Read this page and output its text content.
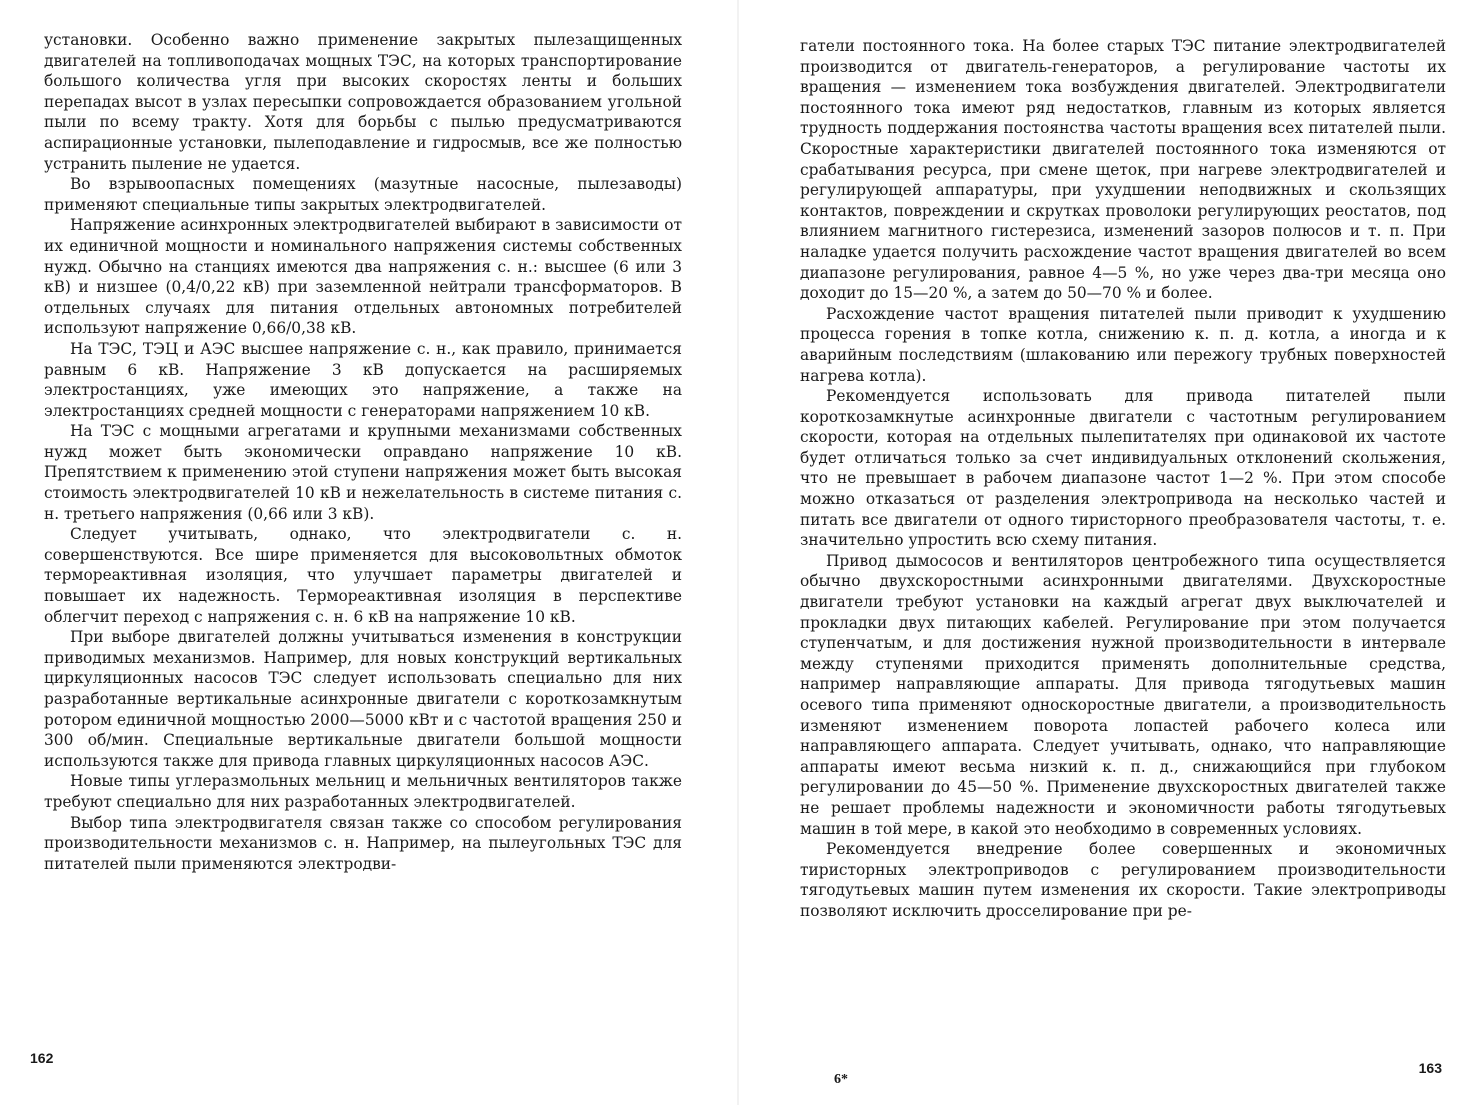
установки. Особенно важно применение закрытых пылезащищенных двигателей на топливоподачах мощных ТЭС, на которых транспортирование большого количества угля при высоких скоростях ленты и больших перепадах высот в узлах пересыпки сопровождается образованием угольной пыли по всему тракту. Хотя для борьбы с пылью предусматриваются аспирационные установки, пылеподавление и гидросмыв, все же полностью устранить пыление не удается.

Во взрывоопасных помещениях (мазутные насосные, пылезаводы) применяют специальные типы закрытых электродвигателей.

Напряжение асинхронных электродвигателей выбирают в зависимости от их единичной мощности и номинального напряжения системы собственных нужд. Обычно на станциях имеются два напряжения с. н.: высшее (6 или 3 кВ) и низшее (0,4/0,22 кВ) при заземленной нейтрали трансформаторов. В отдельных случаях для питания отдельных автономных потребителей используют напряжение 0,66/0,38 кВ.

На ТЭС, ТЭЦ и АЭС высшее напряжение с. н., как правило, принимается равным 6 кВ. Напряжение 3 кВ допускается на расширяемых электростанциях, уже имеющих это напряжение, а также на электростанциях средней мощности с генераторами напряжением 10 кВ.

На ТЭС с мощными агрегатами и крупными механизмами собственных нужд может быть экономически оправдано напряжение 10 кВ. Препятствием к применению этой ступени напряжения может быть высокая стоимость электродвигателей 10 кВ и нежелательность в системе питания с. н. третьего напряжения (0,66 или 3 кВ).

Следует учитывать, однако, что электродвигатели с. н. совершенствуются. Все шире применяется для высоковольтных обмоток термореактивная изоляция, что улучшает параметры двигателей и повышает их надежность. Термореактивная изоляция в перспективе облегчит переход с напряжения с. н. 6 кВ на напряжение 10 кВ.

При выборе двигателей должны учитываться изменения в конструкции приводимых механизмов. Например, для новых конструкций вертикальных циркуляционных насосов ТЭС следует использовать специально для них разработанные вертикальные асинхронные двигатели с короткозамкнутым ротором единичной мощностью 2000—5000 кВт и с частотой вращения 250 и 300 об/мин. Специальные вертикальные двигатели большой мощности используются также для привода главных циркуляционных насосов АЭС.

Новые типы углеразмольных мельниц и мельничных вентиляторов также требуют специально для них разработанных электродвигателей.

Выбор типа электродвигателя связан также со способом регулирования производительности механизмов с. н. Например, на пылеугольных ТЭС для питателей пыли применяются электродви-

162

гатели постоянного тока. На более старых ТЭС питание электродвигателей производится от двигатель-генераторов, а регулирование частоты их вращения — изменением тока возбуждения двигателей. Электродвигатели постоянного тока имеют ряд недостатков, главным из которых является трудность поддержания постоянства частоты вращения всех питателей пыли. Скоростные характеристики двигателей постоянного тока изменяются от срабатывания ресурса, при смене щеток, при нагреве электродвигателей и регулирующей аппаратуры, при ухудшении неподвижных и скользящих контактов, повреждении и скрутках проволоки регулирующих реостатов, под влиянием магнитного гистерезиса, изменений зазоров полюсов и т. п. При наладке удается получить расхождение частот вращения двигателей во всем диапазоне регулирования, равное 4—5 %, но уже через два-три месяца оно доходит до 15—20 %, а затем до 50—70 % и более.

Расхождение частот вращения питателей пыли приводит к ухудшению процесса горения в топке котла, снижению к. п. д. котла, а иногда и к аварийным последствиям (шлакованию или пережогу трубных поверхностей нагрева котла).

Рекомендуется использовать для привода питателей пыли короткозамкнутые асинхронные двигатели с частотным регулированием скорости, которая на отдельных пылепитателях при одинаковой их частоте будет отличаться только за счет индивидуальных отклонений скольжения, что не превышает в рабочем диапазоне частот 1—2 %. При этом способе можно отказаться от разделения электропривода на несколько частей и питать все двигатели от одного тиристорного преобразователя частоты, т. е. значительно упростить всю схему питания.

Привод дымососов и вентиляторов центробежного типа осуществляется обычно двухскоростными асинхронными двигателями. Двухскоростные двигатели требуют установки на каждый агрегат двух выключателей и прокладки двух питающих кабелей. Регулирование при этом получается ступенчатым, и для достижения нужной производительности в интервале между ступенями приходится применять дополнительные средства, например направляющие аппараты. Для привода тягодутьевых машин осевого типа применяют односкоростные двигатели, а производительность изменяют изменением поворота лопастей рабочего колеса или направляющего аппарата. Следует учитывать, однако, что направляющие аппараты имеют весьма низкий к. п. д., снижающийся при глубоком регулировании до 45—50 %. Применение двухскоростных двигателей также не решает проблемы надежности и экономичности работы тягодутьевых машин в той мере, в какой это необходимо в современных условиях.

Рекомендуется внедрение более совершенных и экономичных тиристорных электроприводов с регулированием производительности тягодутьевых машин путем изменения их скорости. Такие электроприводы позволяют исключить дросселирование при ре-

6*
163
